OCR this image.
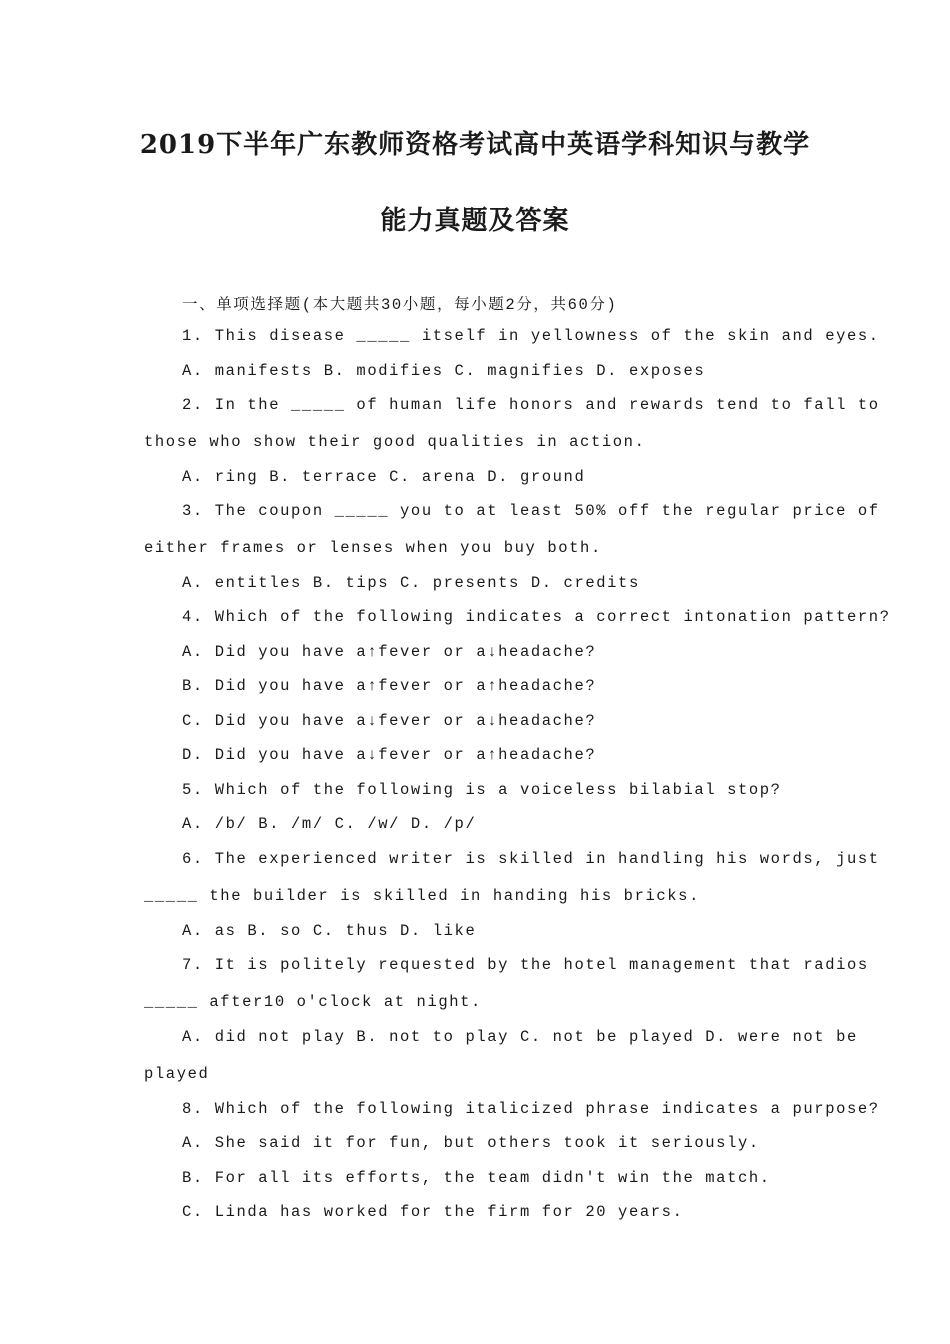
2019下半年广东教师资格考试高中英语学科知识与教学
能力真题及答案
一、单项选择题(本大题共30小题，每小题2分，共60分)
1. This disease _____ itself in yellowness of the skin and eyes.
A. manifests B. modifies C. magnifies D. exposes
2. In the _____ of human life honors and rewards tend to fall to
those who show their good qualities in action.
A. ring B. terrace C. arena D. ground
3. The coupon _____ you to at least 50% off the regular price of
either frames or lenses when you buy both.
A. entitles B. tips C. presents D. credits
4. Which of the following indicates a correct intonation pattern?
A. Did you have a↑fever or a↓headache?
B. Did you have a↑fever or a↑headache?
C. Did you have a↓fever or a↓headache?
D. Did you have a↓fever or a↑headache?
5. Which of the following is a voiceless bilabial stop?
A. /b/ B. /m/ C. /w/ D. /p/
6. The experienced writer is skilled in handling his words, just
_____ the builder is skilled in handing his bricks.
A. as B. so C. thus D. like
7. It is politely requested by the hotel management that radios
_____ after10 o'clock at night.
A. did not play B. not to play C. not be played D. were not be
played
8. Which of the following italicized phrase indicates a purpose?
A. She said it for fun, but others took it seriously.
B. For all its efforts, the team didn't win the match.
C. Linda has worked for the firm for 20 years.
